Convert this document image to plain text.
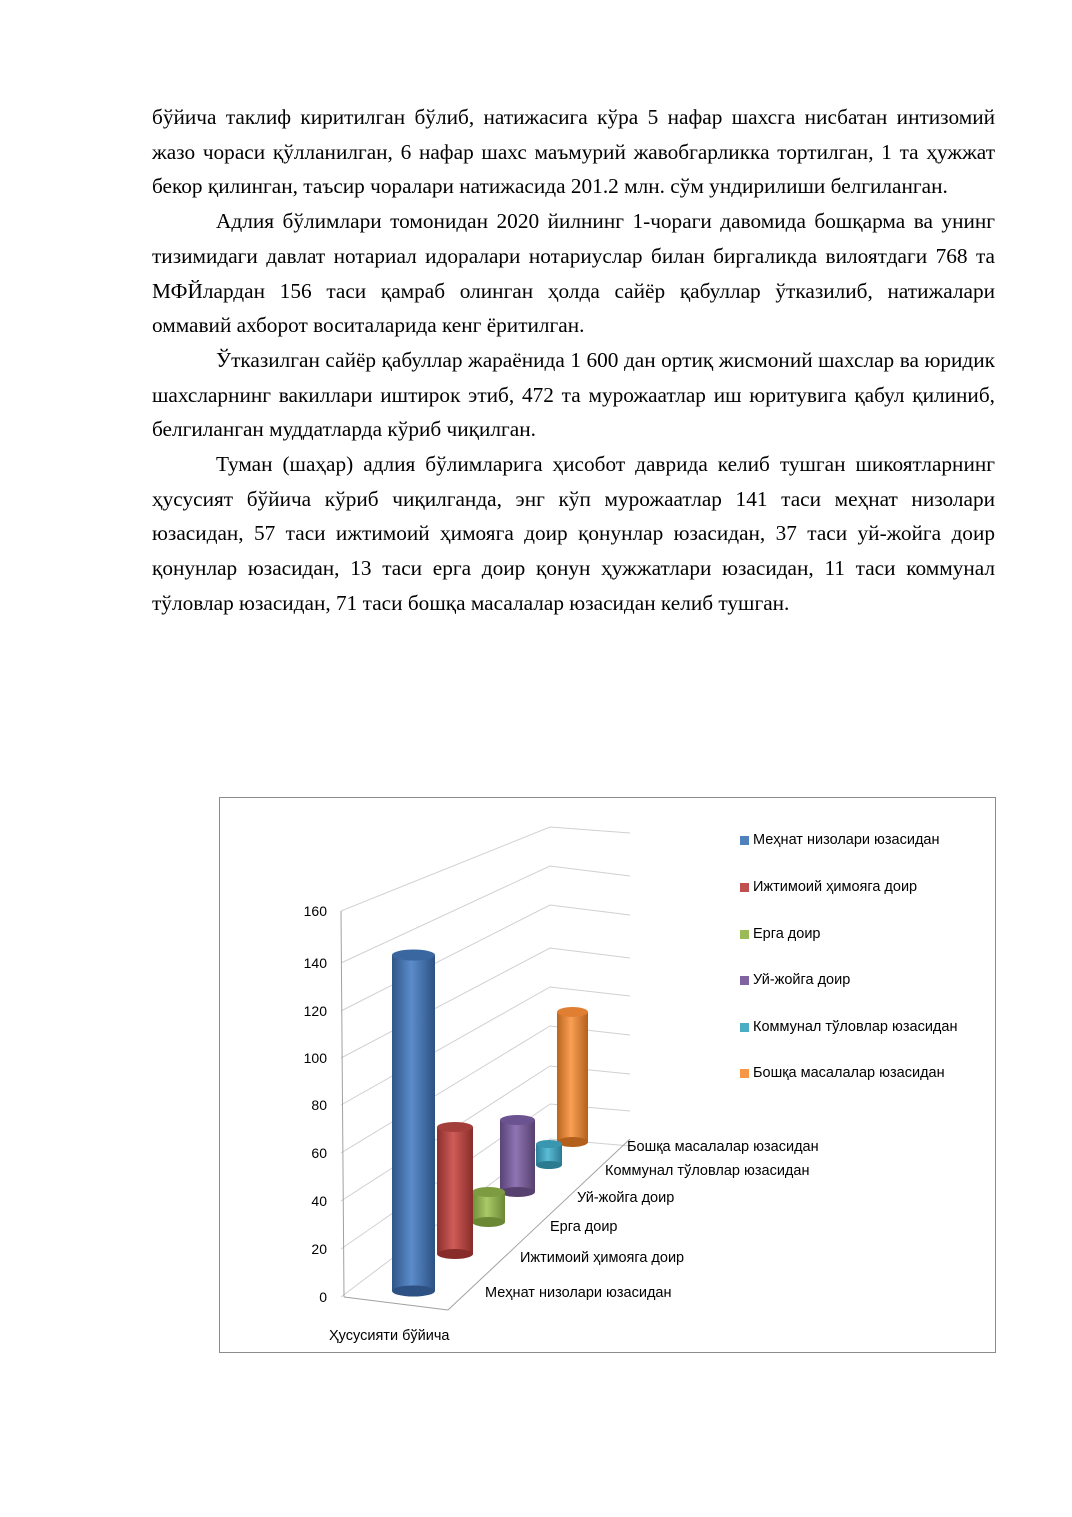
бўйича таклиф киритилган бўлиб, натижасига кўра 5 нафар шахсга нисбатан интизомий жазо чораси қўлланилган, 6 нафар шахс маъмурий жавобгарликка тортилган, 1 та ҳужжат бекор қилинган, таъсир чоралари натижасида 201.2 млн. сўм ундирилиши белгиланган.

Адлия бўлимлари томонидан 2020 йилнинг 1-чораги давомида бошқарма ва унинг тизимидаги давлат нотариал идоралари нотариуслар билан биргаликда вилоятдаги 768 та МФЙлардан 156 таси қамраб олинган ҳолда сайёр қабуллар ўтказилиб, натижалари оммавий ахборот воситаларида кенг ёритилган.

Ўтказилган сайёр қабуллар жараёнида 1 600 дан ортиқ жисмоний шахслар ва юридик шахсларнинг вакиллари иштирок этиб, 472 та мурожаатлар иш юритувига қабул қилиниб, белгиланган муддатларда кўриб чиқилган.

Туман (шаҳар) адлия бўлимларига ҳисобот даврида келиб тушган шикоятларнинг ҳусусият бўйича кўриб чиқилганда, энг кўп мурожаатлар 141 таси меҳнат низолари юзасидан, 57 таси ижтимоий ҳимояга доир қонунлар юзасидан, 37 таси уй-жойга доир қонунлар юзасидан, 13 таси ерга доир қонун ҳужжатлари юзасидан, 11 таси коммунал тўловлар юзасидан, 71 таси бошқа масалалар юзасидан келиб тушган.

0
20
40
60
80
100
120
140
160
Бошқа масалалар юзасидан
Коммунал тўловлар юзасидан
Уй-жойга доир
Ерга доир
Ижтимоий ҳимояга доир
Меҳнат низолари юзасидан
Ҳусусияти бўйича
Меҳнат низолари юзасидан
Ижтимоий ҳимояга доир
Ерга доир
Уй-жойга доир
Коммунал тўловлар юзасидан
Бошқа масалалар юзасидан
